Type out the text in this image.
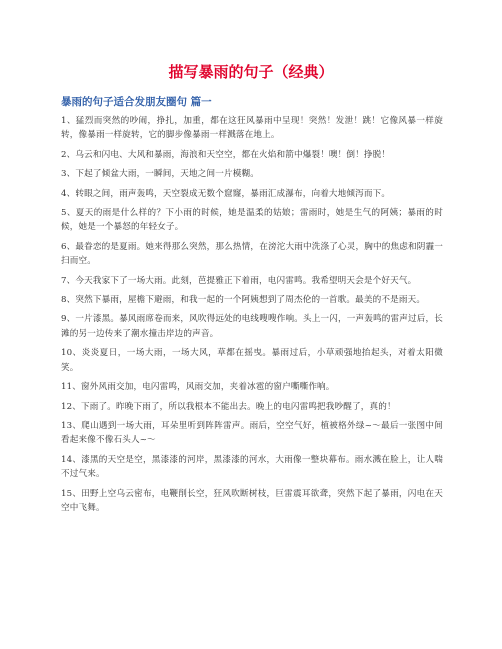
描写暴雨的句子（经典）
暴雨的句子适合发朋友圈句 篇一
1、猛烈而突然的吵闹，挣扎，加重，都在这狂风暴雨中呈现！突然！发泄！跳！它像风暴一样旋转，像暴雨一样旋转，它的脚步像暴雨一样溅落在地上。
2、乌云和闪电、大风和暴雨，海浪和天空空，都在火焰和箭中爆裂！噢！倒！挣脱！
3、下起了倾盆大雨，一瞬间，天地之间一片模糊。
4、转眼之间，雨声轰鸣，天空裂成无数个窟窿，暴雨汇成瀑布，向着大地倾泻而下。
5、夏天的雨是什么样的？下小雨的时候，她是温柔的姑娘；雷雨时，她是生气的阿姨；暴雨的时候，她是一个暴怒的年轻女子。
6、最眷恋的是夏雨。她来得那么突然，那么热情，在滂沱大雨中洗涤了心灵，胸中的焦虑和阴霾一扫而空。
7、今天我家下了一场大雨。此刻，芭提雅正下着雨，电闪雷鸣。我希望明天会是个好天气。
8、突然下暴雨，屋檐下避雨，和我一起的一个阿姨想到了周杰伦的一首歌。最美的不是雨天。
9、一片漆黑。暴风雨席卷而来，风吹得远处的电线嗖嗖作响。头上一闪，一声轰鸣的雷声过后，长滩的另一边传来了潮水撞击岸边的声音。
10、炎炎夏日，一场大雨，一场大风，草都在摇曳。暴雨过后，小草顽强地抬起头，对着太阳微笑。
11、窗外风雨交加，电闪雷鸣，风雨交加，夹着冰雹的窗户嘶嘶作响。
12、下雨了。昨晚下雨了，所以我根本不能出去。晚上的电闪雷鸣把我吵醒了，真的！
13、爬山遇到一场大雨，耳朵里听到阵阵雷声。雨后，空空气好，植被格外绿~～最后一张图中间看起来像不像石头人~～
14、漆黑的天空是空，黑漆漆的河岸，黑漆漆的河水，大雨像一整块幕布。雨水溅在脸上，让人喘不过气来。
15、田野上空乌云密布，电鞭削长空，狂风吹断树枝，巨雷震耳欲聋，突然下起了暴雨，闪电在天空中飞舞。
